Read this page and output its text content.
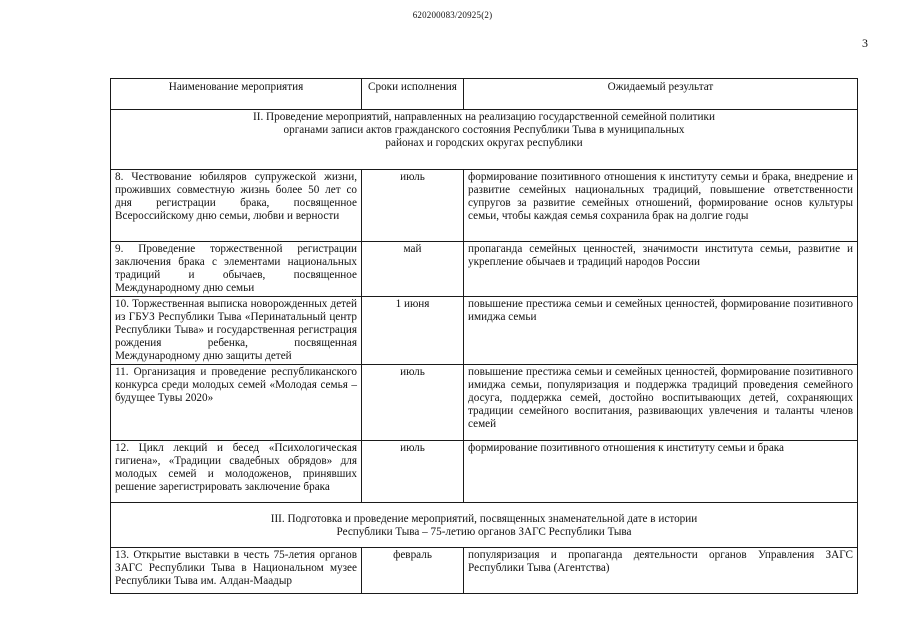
620200083/20925(2)
3
Наименование мероприятия	Сроки исполнения	Ожидаемый результат

II. Проведение мероприятий, направленных на реализацию государственной семейной политики
органами записи актов гражданского состояния Республики Тыва в муниципальных
районах и городских округах республики		

8. Чествование юбиляров супружеской жизни, проживших совместную жизнь более 50 лет со дня регистрации брака, посвященное Всероссийскому дню семьи, любви и верности	июль	формирование позитивного отношения к институту семьи и брака, внедрение и развитие семейных национальных традиций, повышение ответственности супругов за развитие семейных отношений, формирование основ культуры семьи, чтобы каждая семья сохранила брак на долгие годы
9. Проведение торжественной регистрации заключения брака с элементами национальных традиций и обычаев, посвященное Международному дню семьи	май	пропаганда семейных ценностей, значимости института семьи, развитие и укрепление обычаев и традиций народов России
10. Торжественная выписка новорожденных детей из ГБУЗ Республики Тыва «Перинатальный центр Республики Тыва» и государственная регистрация рождения ребенка, посвященная Международному дню защиты детей	1 июня	повышение престижа семьи и семейных ценностей, формирование позитивного имиджа семьи
11. Организация и проведение республиканского конкурса среди молодых семей «Молодая семья – будущее Тувы 2020»	июль	повышение престижа семьи и семейных ценностей, формирование позитивного имиджа семьи, популяризация и поддержка традиций проведения семейного досуга, поддержка семей, достойно воспитывающих детей, сохраняющих традиции семейного воспитания, развивающих увлечения и таланты членов семей
12. Цикл лекций и бесед «Психологическая гигиена», «Традиции свадебных обрядов» для молодых семей и молодоженов, принявших решение зарегистрировать заключение брака	июль	формирование позитивного отношения к институту семьи и брака

III. Подготовка и проведение мероприятий, посвященных знаменательной дате в истории
Республики Тыва – 75-летию органов ЗАГС Республики Тыва		

13. Открытие выставки в честь 75-летия органов ЗАГС Республики Тыва в Национальном музее Республики Тыва им. Алдан-Маадыр	февраль	популяризация и пропаганда деятельности органов Управления ЗАГС Республики Тыва (Агентства)
